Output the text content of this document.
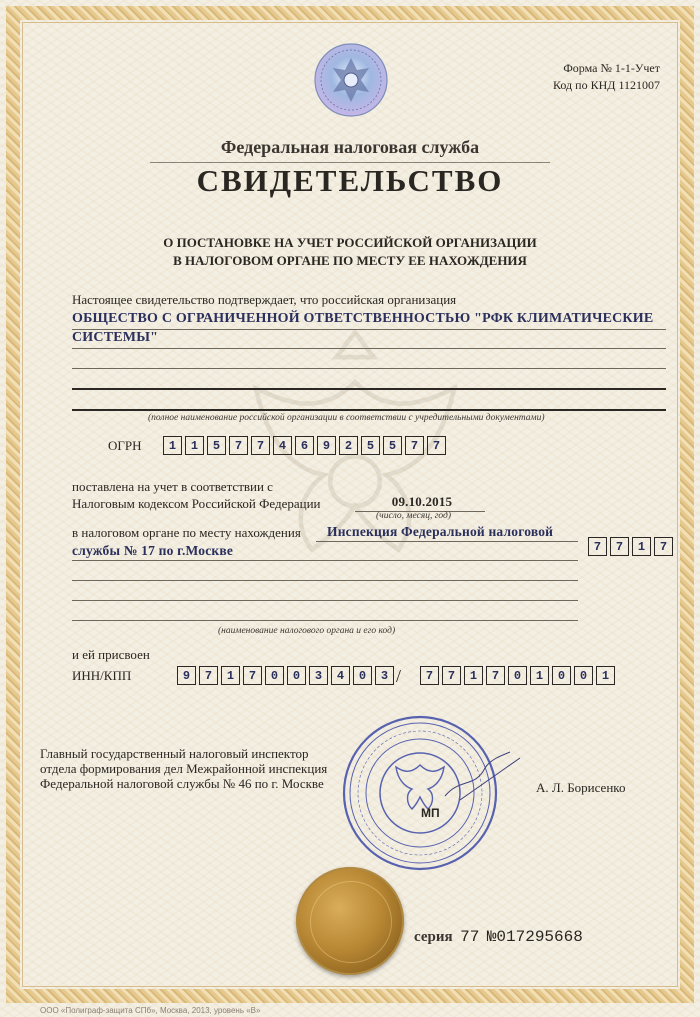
Форма № 1-1-Учет
Код по КНД 1121007
Федеральная налоговая служба
СВИДЕТЕЛЬСТВО
О ПОСТАНОВКЕ НА УЧЕТ РОССИЙСКОЙ ОРГАНИЗАЦИИ
В НАЛОГОВОМ ОРГАНЕ ПО МЕСТУ ЕЕ НАХОЖДЕНИЯ
Настоящее свидетельство подтверждает, что российская организация
ОБЩЕСТВО С ОГРАНИЧЕННОЙ ОТВЕТСТВЕННОСТЬЮ "РФК КЛИМАТИЧЕСКИЕ
СИСТЕМЫ"
(полное наименование российской организации в соответствии с учредительными документами)
ОГРН	1	1	5	7	7	4	6	9	2	5	5	7	7
поставлена на учет в соответствии с
Налоговым кодексом Российской Федерации	09.10.2015
(число, месяц, год)
в налоговом органе по месту нахождения Инспекция Федеральной налоговой
службы № 17 по г.Москве	7	7	1	7
(наименование налогового органа и его код)
и ей присвоен
ИНН/КПП	9	7	1	7	0	0	3	4	0	3 /	7	7	1	7	0	1	0	0	1
Главный государственный налоговый инспектор
отдела формирования дел Межрайонной инспекция
Федеральной налоговой службы № 46 по г. Москве	А. Л. Борисенко
МП
серия 77 №017295668
ООО «Полиграф-защита СПб», Москва, 2013, уровень «В»
